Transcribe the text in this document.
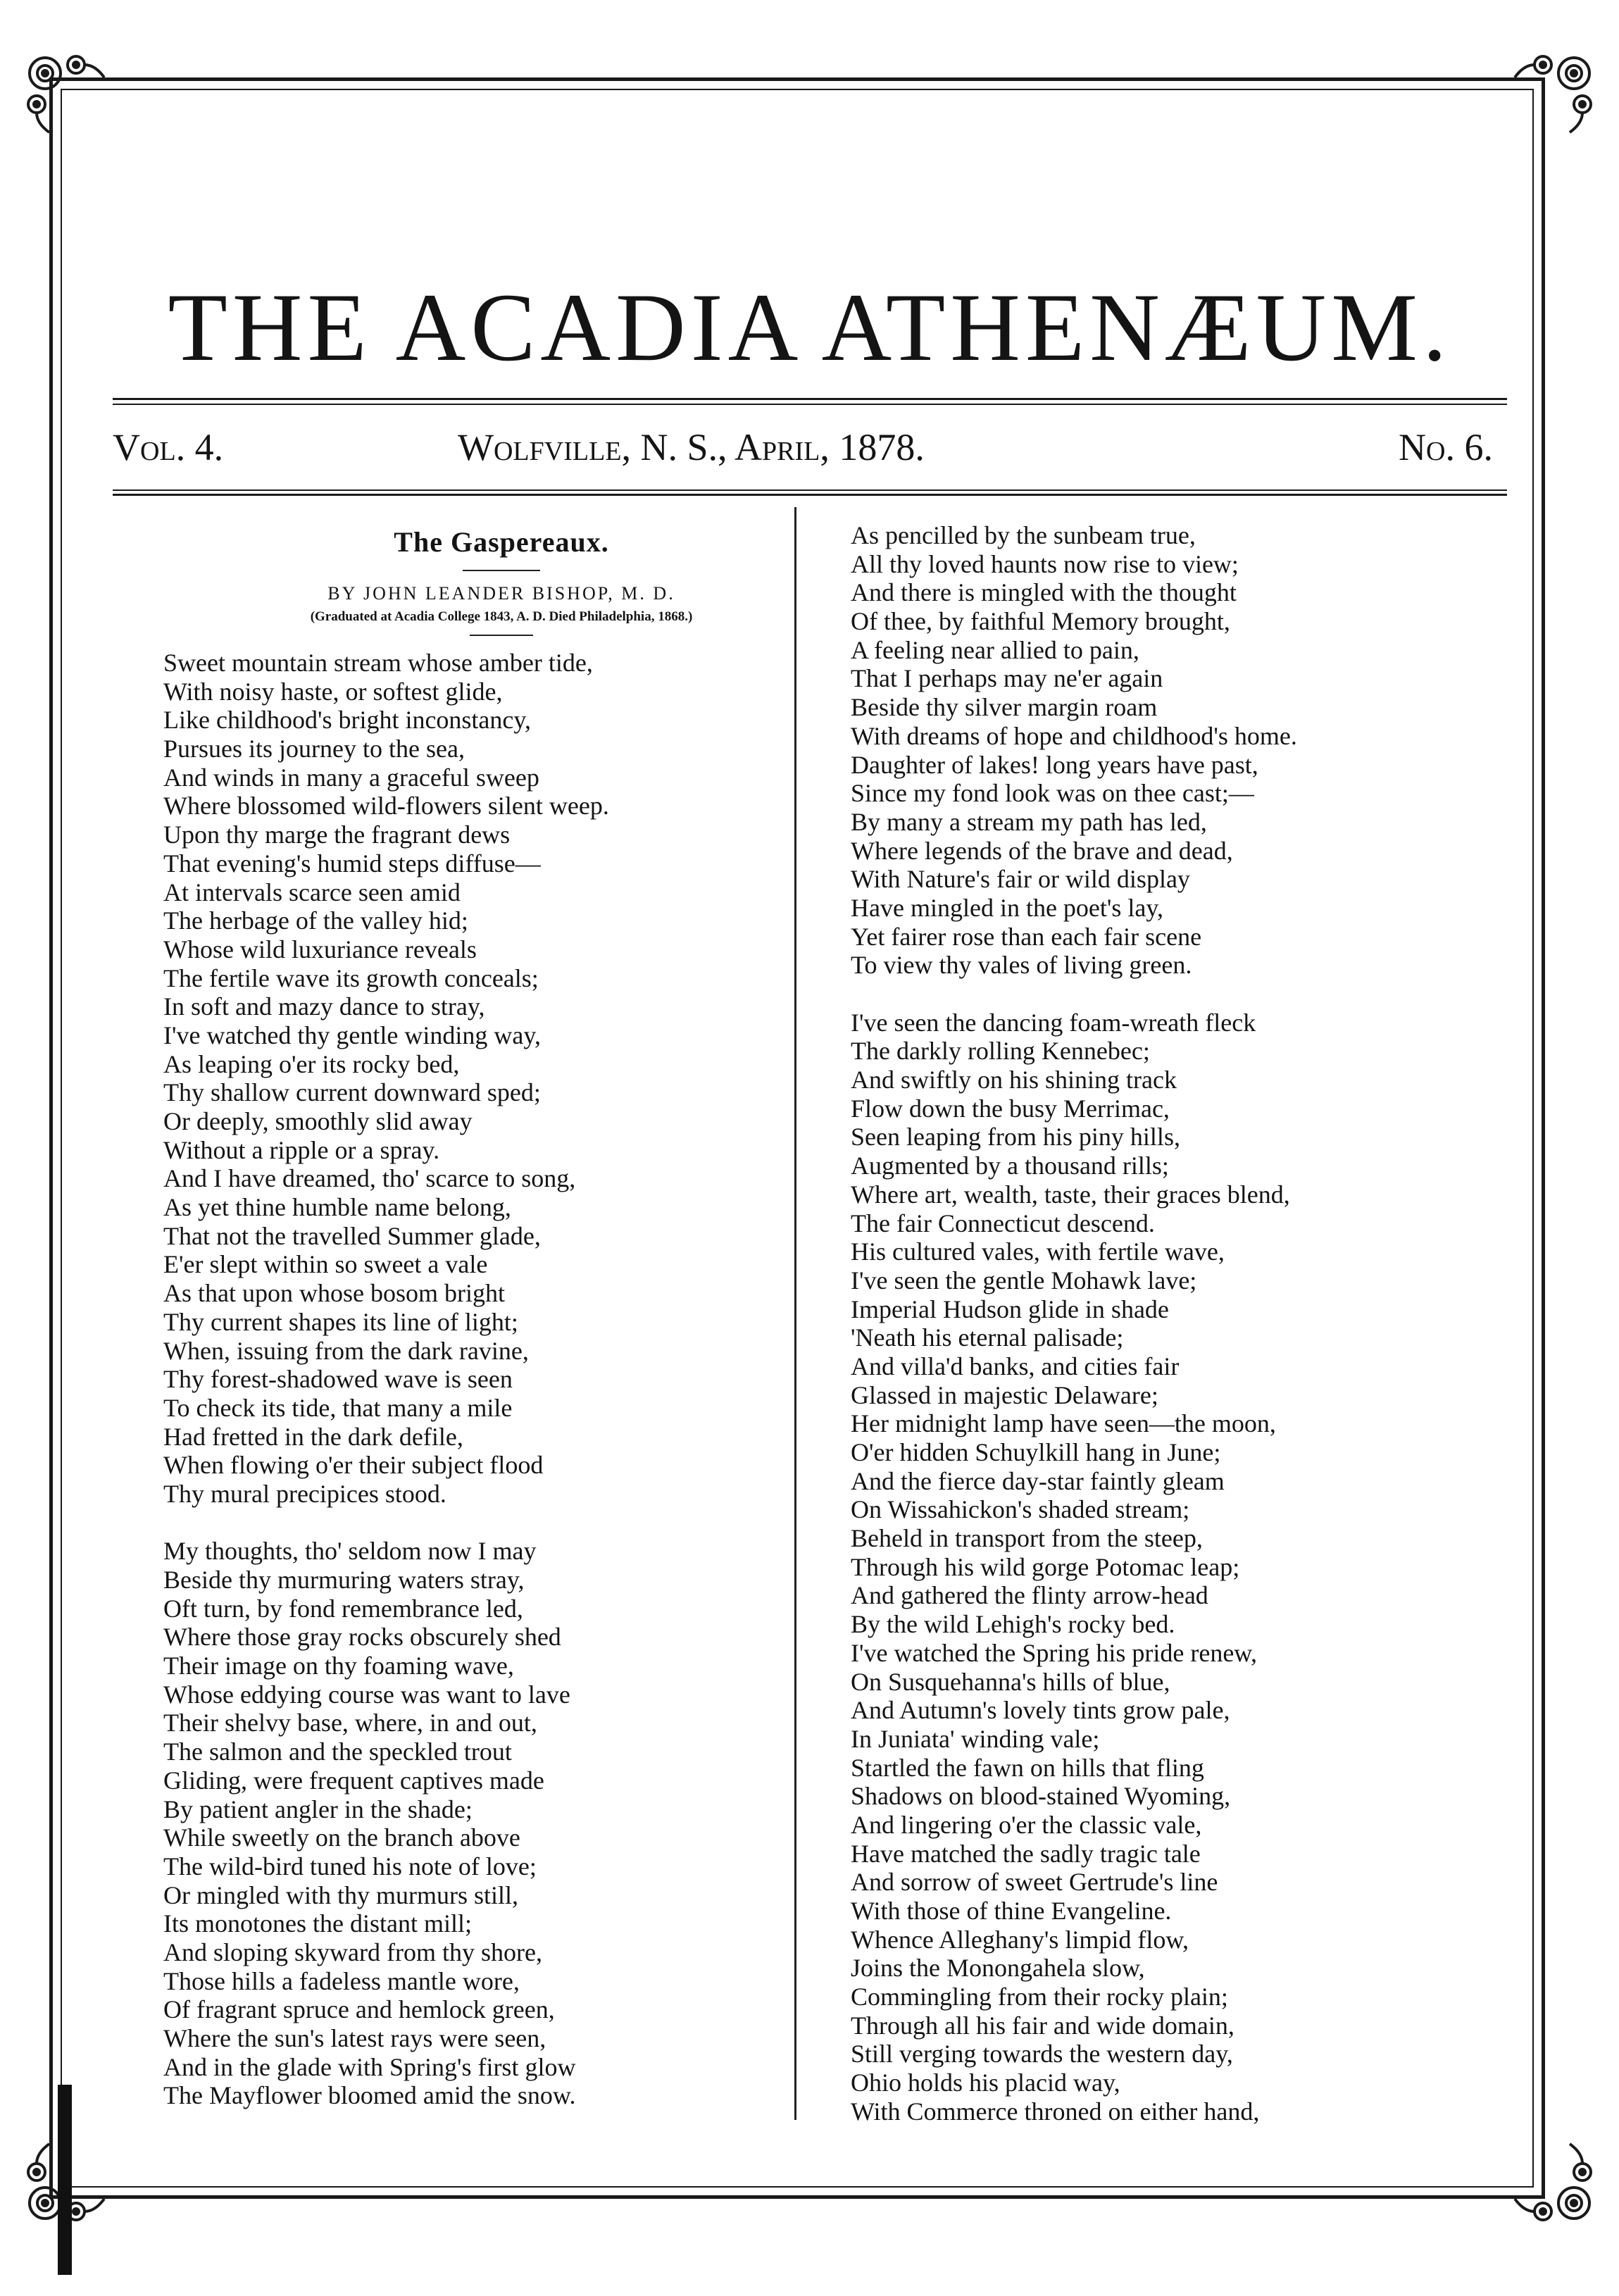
THE ACADIA ATHENÆUM.
Vol. 4.	Wolfville, N. S., April, 1878.	No. 6.
The Gaspereaux.
BY JOHN LEANDER BISHOP, M. D.
(Graduated at Acadia College 1843, A. D. Died Philadelphia, 1868.)
Sweet mountain stream whose amber tide,
With noisy haste, or softest glide,
Like childhood's bright inconstancy,
Pursues its journey to the sea,
And winds in many a graceful sweep
Where blossomed wild-flowers silent weep.
Upon thy marge the fragrant dews
That evening's humid steps diffuse—
At intervals scarce seen amid
The herbage of the valley hid;
Whose wild luxuriance reveals
The fertile wave its growth conceals;
In soft and mazy dance to stray,
I've watched thy gentle winding way,
As leaping o'er its rocky bed,
Thy shallow current downward sped;
Or deeply, smoothly slid away
Without a ripple or a spray.
And I have dreamed, tho' scarce to song,
As yet thine humble name belong,
That not the travelled Summer glade,
E'er slept within so sweet a vale
As that upon whose bosom bright
Thy current shapes its line of light;
When, issuing from the dark ravine,
Thy forest-shadowed wave is seen
To check its tide, that many a mile
Had fretted in the dark defile,
When flowing o'er their subject flood
Thy mural precipices stood.
My thoughts, tho' seldom now I may
Beside thy murmuring waters stray,
Oft turn, by fond remembrance led,
Where those gray rocks obscurely shed
Their image on thy foaming wave,
Whose eddying course was want to lave
Their shelvy base, where, in and out,
The salmon and the speckled trout
Gliding, were frequent captives made
By patient angler in the shade;
While sweetly on the branch above
The wild-bird tuned his note of love;
Or mingled with thy murmurs still,
Its monotones the distant mill;
And sloping skyward from thy shore,
Those hills a fadeless mantle wore,
Of fragrant spruce and hemlock green,
Where the sun's latest rays were seen,
And in the glade with Spring's first glow
The Mayflower bloomed amid the snow.
As pencilled by the sunbeam true,
All thy loved haunts now rise to view;
And there is mingled with the thought
Of thee, by faithful Memory brought,
A feeling near allied to pain,
That I perhaps may ne'er again
Beside thy silver margin roam
With dreams of hope and childhood's home.
Daughter of lakes! long years have past,
Since my fond look was on thee cast;—
By many a stream my path has led,
Where legends of the brave and dead,
With Nature's fair or wild display
Have mingled in the poet's lay,
Yet fairer rose than each fair scene
To view thy vales of living green.
I've seen the dancing foam-wreath fleck
The darkly rolling Kennebec;
And swiftly on his shining track
Flow down the busy Merrimac,
Seen leaping from his piny hills,
Augmented by a thousand rills;
Where art, wealth, taste, their graces blend,
The fair Connecticut descend.
His cultured vales, with fertile wave,
I've seen the gentle Mohawk lave;
Imperial Hudson glide in shade
'Neath his eternal palisade;
And villa'd banks, and cities fair
Glassed in majestic Delaware;
Her midnight lamp have seen—the moon,
O'er hidden Schuylkill hang in June;
And the fierce day-star faintly gleam
On Wissahickon's shaded stream;
Beheld in transport from the steep,
Through his wild gorge Potomac leap;
And gathered the flinty arrow-head
By the wild Lehigh's rocky bed.
I've watched the Spring his pride renew,
On Susquehanna's hills of blue,
And Autumn's lovely tints grow pale,
In Juniata' winding vale;
Startled the fawn on hills that fling
Shadows on blood-stained Wyoming,
And lingering o'er the classic vale,
Have matched the sadly tragic tale
And sorrow of sweet Gertrude's line
With those of thine Evangeline.
Whence Alleghany's limpid flow,
Joins the Monongahela slow,
Commingling from their rocky plain;
Through all his fair and wide domain,
Still verging towards the western day,
Ohio holds his placid way,
With Commerce throned on either hand,
